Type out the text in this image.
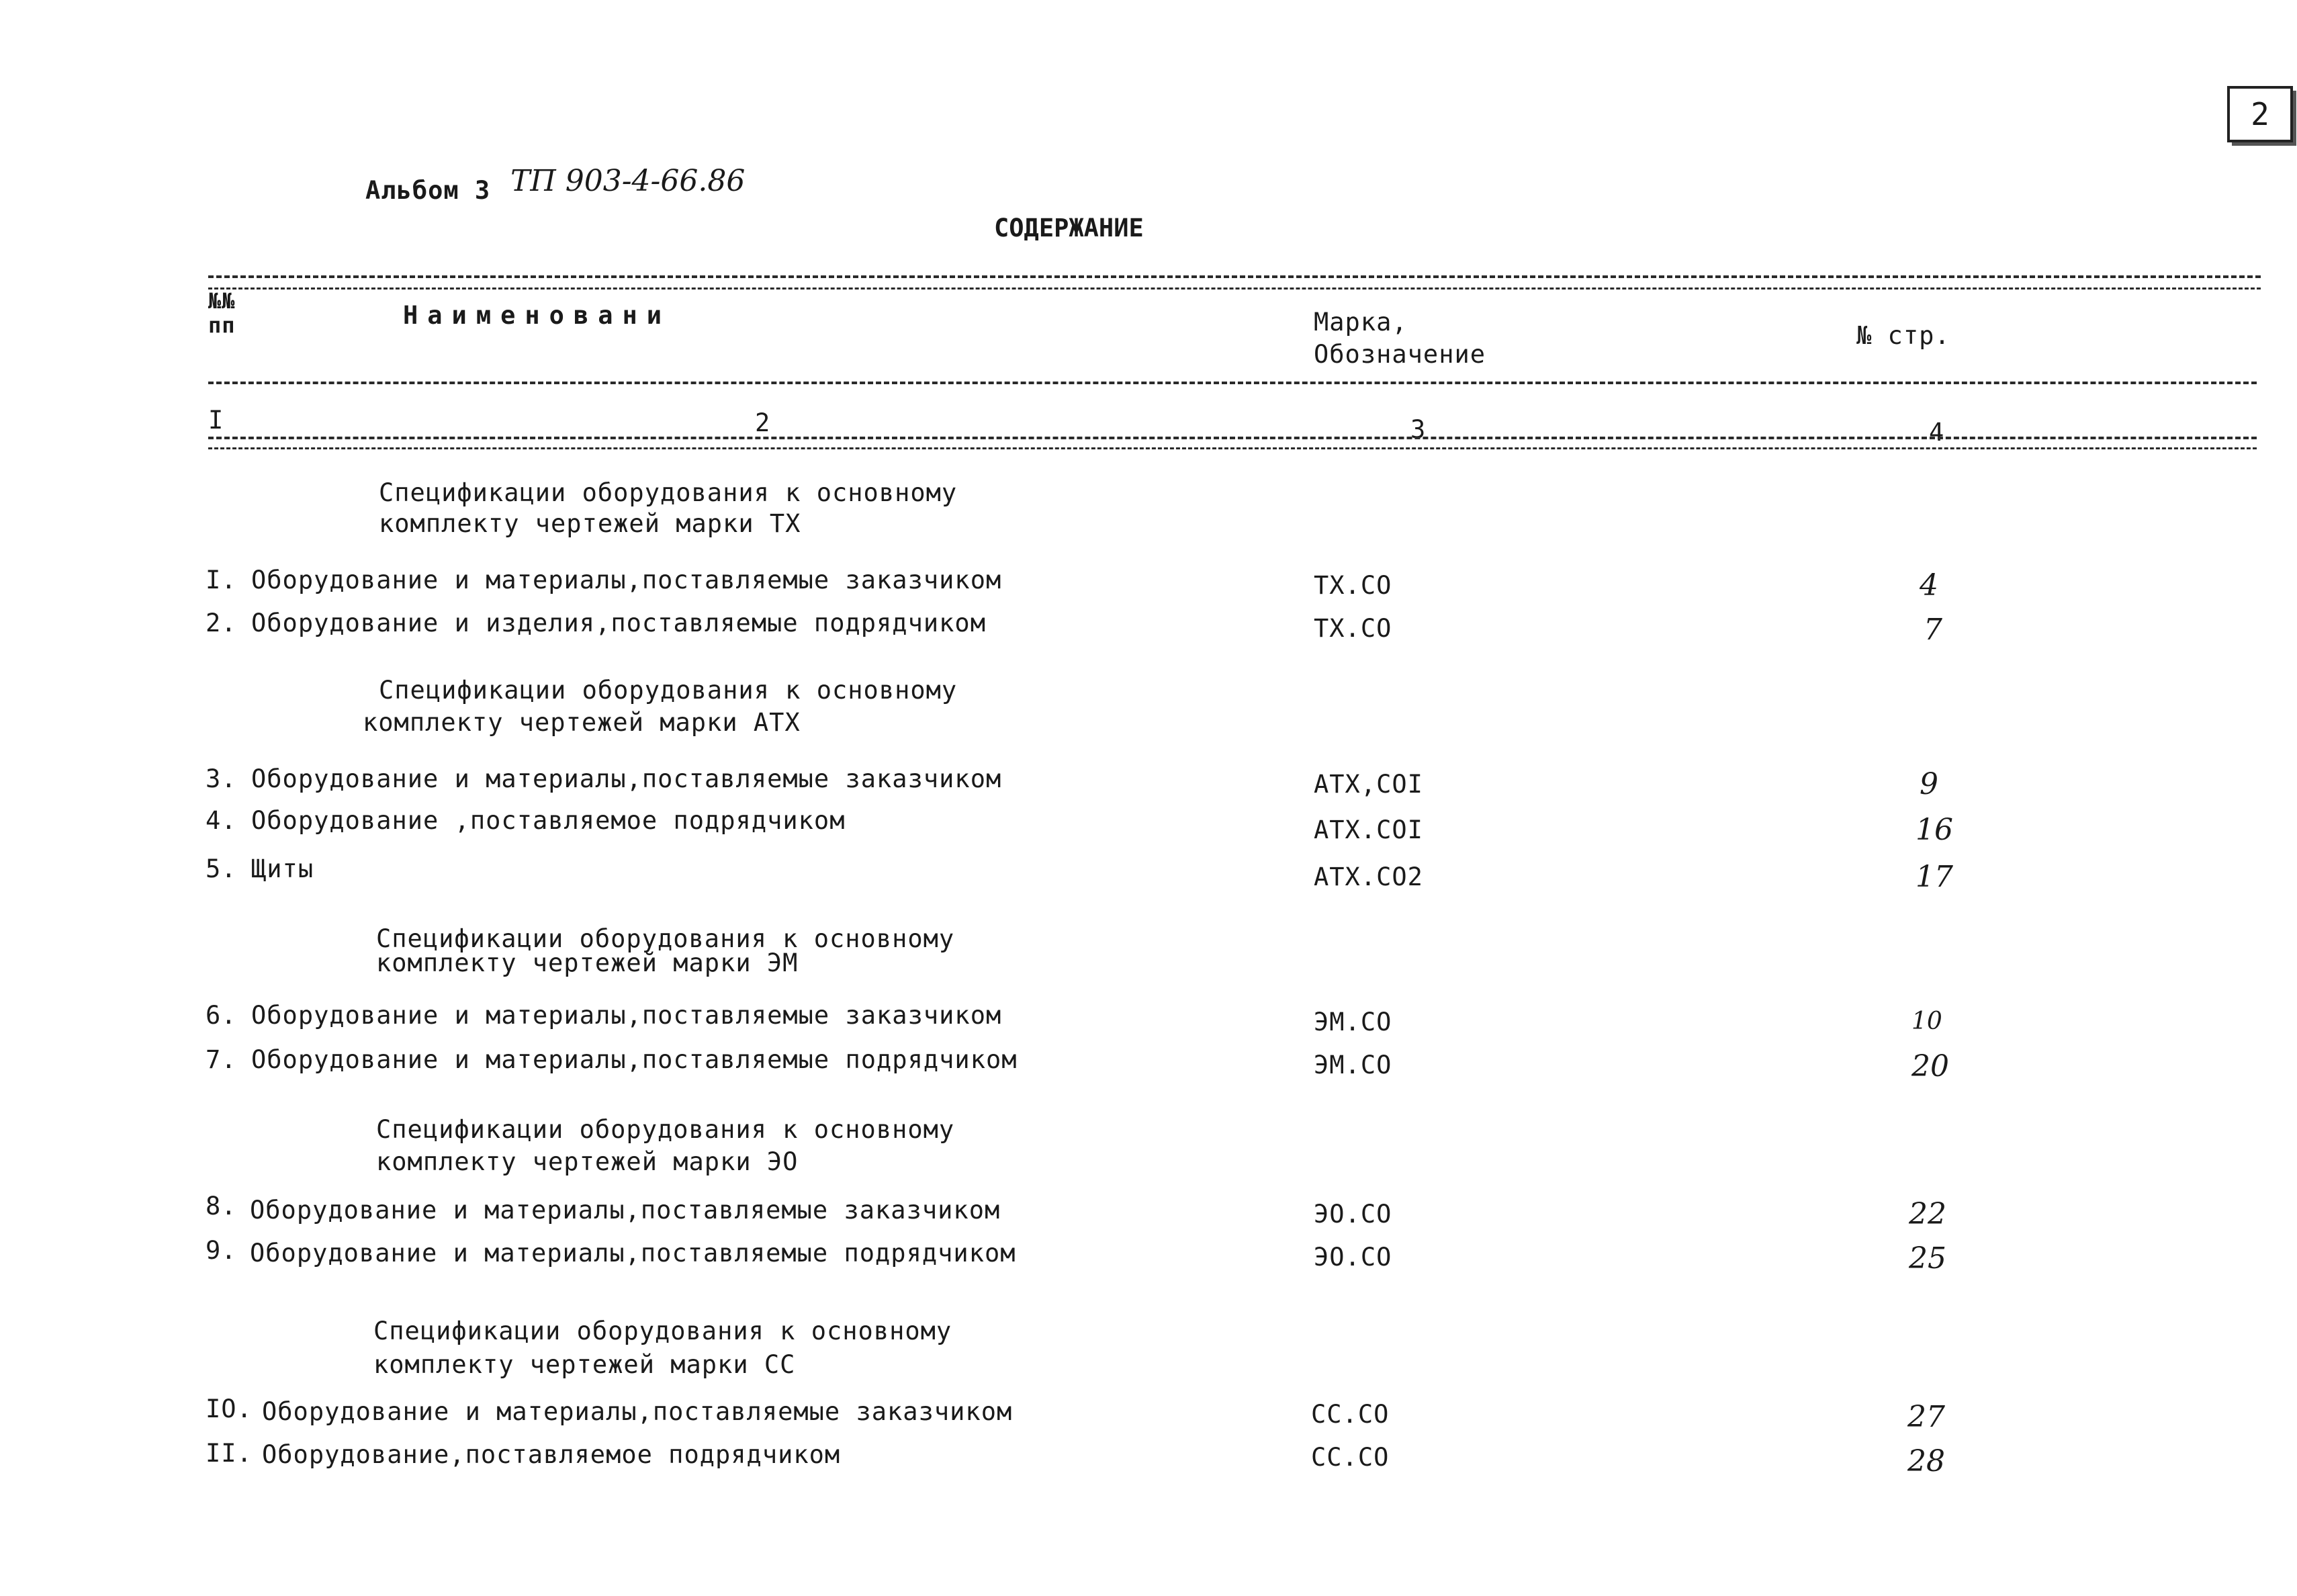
2
Альбом 3 ТП 903-4-66.86
СОДЕРЖАНИЕ
№№
пп	Наименовани	Марка,
Обозначение
№ стр.
I	2	3	4
Спецификации оборудования к основному
комплекту чертежей марки ТХ
I. Оборудование и материалы,поставляемые заказчиком	ТХ.СО	4
2. Оборудование и изделия,поставляемые подрядчиком	ТХ.СО	7
Спецификации оборудования к основному
комплекту чертежей марки АТХ
3. Оборудование и материалы,поставляемые заказчиком	АТХ,СОI	9
4. Оборудование ,поставляемое подрядчиком	АТХ.СОI	16
5. Щиты	АТХ.СО2	17
Спецификации оборудования к основному
комплекту чертежей марки ЭМ
6. Оборудование и материалы,поставляемые заказчиком	ЭМ.СО	10
7. Оборудование и материалы,поставляемые подрядчиком	ЭМ.СО	20
Спецификации оборудования к основному
комплекту чертежей марки ЭО
8. Оборудование и материалы,поставляемые заказчиком	ЭО.СО	22
9. Оборудование и материалы,поставляемые подрядчиком	ЭО.СО	25
Спецификации оборудования к основному
комплекту чертежей марки СС
IO. Оборудование и материалы,поставляемые заказчиком	СС.СО	27
II. Оборудование,поставляемое подрядчиком	СС.СО	28
